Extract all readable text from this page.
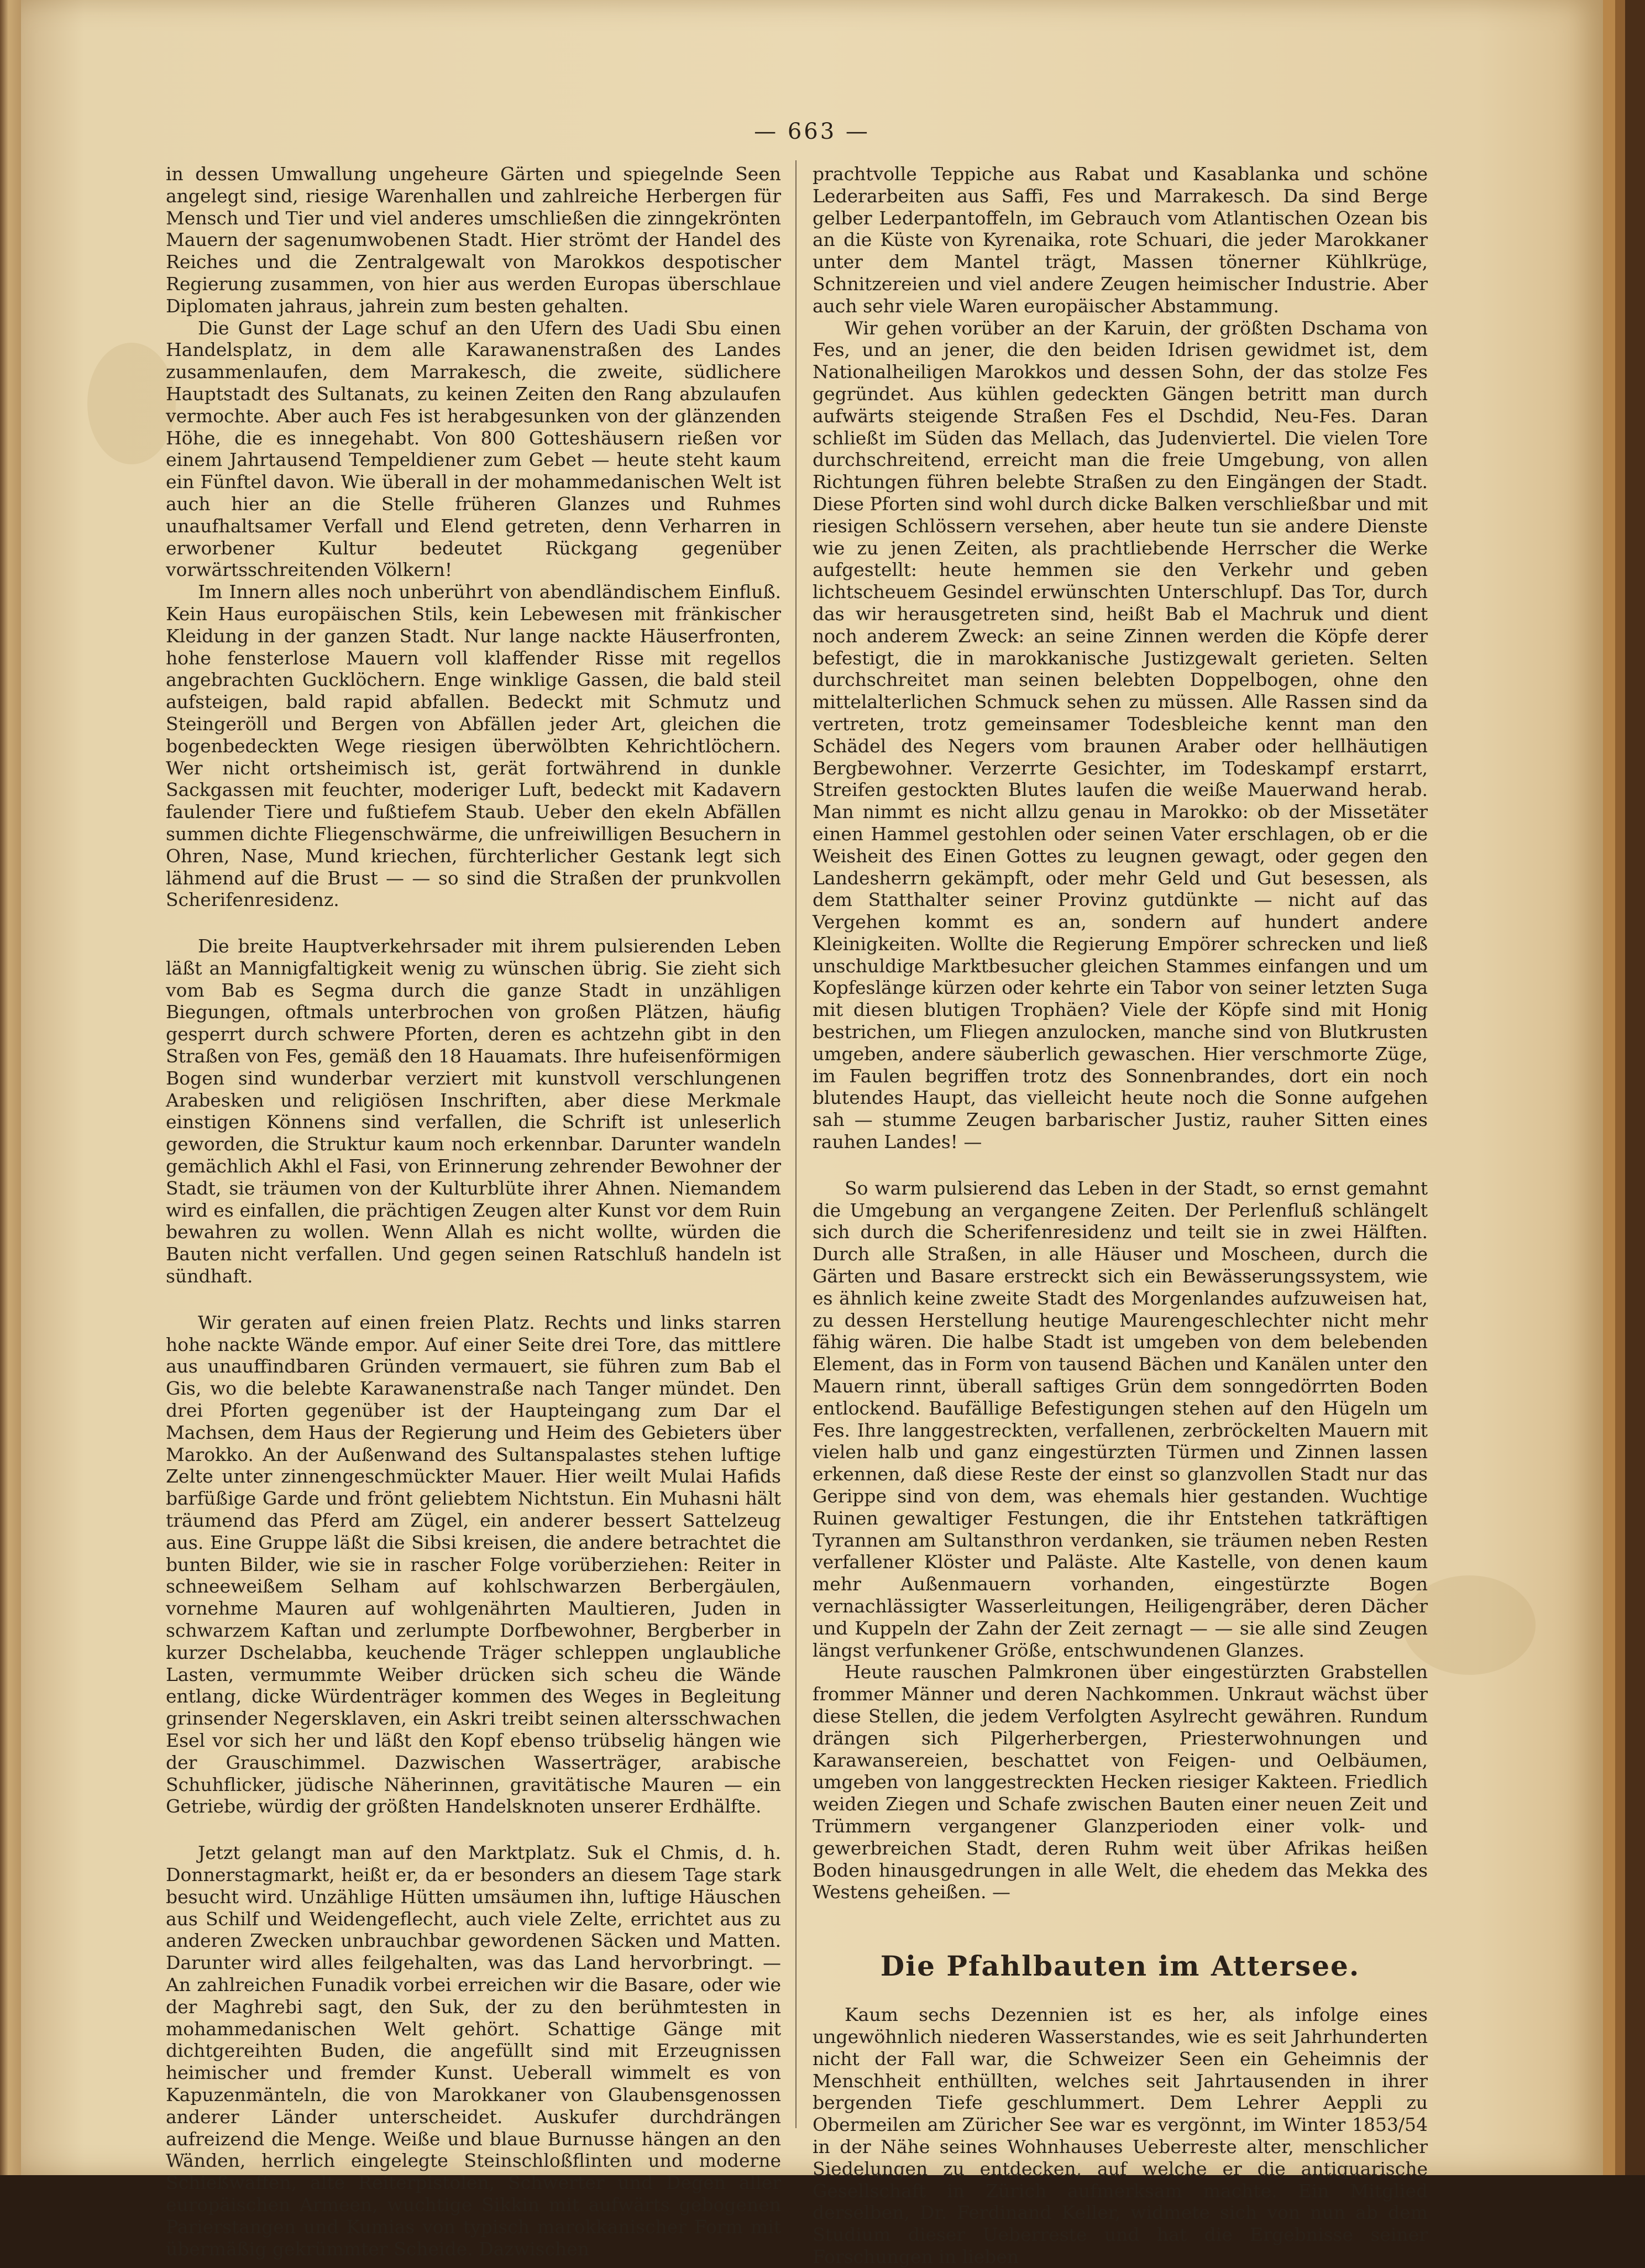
— 663 —

in dessen Umwallung ungeheure Gärten und spiegelnde Seen angelegt sind, riesige Warenhallen und zahlreiche Herbergen für Mensch und Tier und viel anderes umschließen die zinngekrönten Mauern der sagenumwobenen Stadt. Hier strömt der Handel des Reiches und die Zentralgewalt von Marokkos despotischer Regierung zusammen, von hier aus werden Europas überschlaue Diplomaten jahraus, jahrein zum besten gehalten.

Die Gunst der Lage schuf an den Ufern des Uadi Sbu einen Handelsplatz, in dem alle Karawanenstraßen des Landes zusammenlaufen, dem Marrakesch, die zweite, südlichere Hauptstadt des Sultanats, zu keinen Zeiten den Rang abzulaufen vermochte. Aber auch Fes ist herabgesunken von der glänzenden Höhe, die es innegehabt. Von 800 Gotteshäusern rießen vor einem Jahrtausend Tempeldiener zum Gebet — heute steht kaum ein Fünftel davon. Wie überall in der mohammedanischen Welt ist auch hier an die Stelle früheren Glanzes und Ruhmes unaufhaltsamer Verfall und Elend getreten, denn Verharren in erworbener Kultur bedeutet Rückgang gegenüber vorwärtsschreitenden Völkern!

Im Innern alles noch unberührt von abendländischem Einfluß. Kein Haus europäischen Stils, kein Lebewesen mit fränkischer Kleidung in der ganzen Stadt. Nur lange nackte Häuserfronten, hohe fensterlose Mauern voll klaffender Risse mit regellos angebrachten Gucklöchern. Enge winklige Gassen, die bald steil aufsteigen, bald rapid abfallen. Bedeckt mit Schmutz und Steingeröll und Bergen von Abfällen jeder Art, gleichen die bogenbedeckten Wege riesigen überwölbten Kehrichtlöchern. Wer nicht ortsheimisch ist, gerät fortwährend in dunkle Sackgassen mit feuchter, moderiger Luft, bedeckt mit Kadavern faulender Tiere und fußtiefem Staub. Ueber den ekeln Abfällen summen dichte Fliegenschwärme, die unfreiwilligen Besuchern in Ohren, Nase, Mund kriechen, fürchterlicher Gestank legt sich lähmend auf die Brust — — so sind die Straßen der prunkvollen Scherifenresidenz.

Die breite Hauptverkehrsader mit ihrem pulsierenden Leben läßt an Mannigfaltigkeit wenig zu wünschen übrig. Sie zieht sich vom Bab es Segma durch die ganze Stadt in unzähligen Biegungen, oftmals unterbrochen von großen Plätzen, häufig gesperrt durch schwere Pforten, deren es achtzehn gibt in den Straßen von Fes, gemäß den 18 Hauamats. Ihre hufeisenförmigen Bogen sind wunderbar verziert mit kunstvoll verschlungenen Arabesken und religiösen Inschriften, aber diese Merkmale einstigen Könnens sind verfallen, die Schrift ist unleserlich geworden, die Struktur kaum noch erkennbar. Darunter wandeln gemächlich Akhl el Fasi, von Erinnerung zehrender Bewohner der Stadt, sie träumen von der Kulturblüte ihrer Ahnen. Niemandem wird es einfallen, die prächtigen Zeugen alter Kunst vor dem Ruin bewahren zu wollen. Wenn Allah es nicht wollte, würden die Bauten nicht verfallen. Und gegen seinen Ratschluß handeln ist sündhaft.

Wir geraten auf einen freien Platz. Rechts und links starren hohe nackte Wände empor. Auf einer Seite drei Tore, das mittlere aus unauffindbaren Gründen vermauert, sie führen zum Bab el Gis, wo die belebte Karawanenstraße nach Tanger mündet. Den drei Pforten gegenüber ist der Haupteingang zum Dar el Machsen, dem Haus der Regierung und Heim des Gebieters über Marokko. An der Außenwand des Sultanspalastes stehen luftige Zelte unter zinnengeschmückter Mauer. Hier weilt Mulai Hafids barfüßige Garde und frönt geliebtem Nichtstun. Ein Muhasni hält träumend das Pferd am Zügel, ein anderer bessert Sattelzeug aus. Eine Gruppe läßt die Sibsi kreisen, die andere betrachtet die bunten Bilder, wie sie in rascher Folge vorüberziehen: Reiter in schneeweißem Selham auf kohlschwarzen Berbergäulen, vornehme Mauren auf wohlgenährten Maultieren, Juden in schwarzem Kaftan und zerlumpte Dorfbewohner, Bergberber in kurzer Dschelabba, keuchende Träger schleppen unglaubliche Lasten, vermummte Weiber drücken sich scheu die Wände entlang, dicke Würdenträger kommen des Weges in Begleitung grinsender Negersklaven, ein Askri treibt seinen altersschwachen Esel vor sich her und läßt den Kopf ebenso trübselig hängen wie der Grauschimmel. Dazwischen Wasserträger, arabische Schuhflicker, jüdische Näherinnen, gravitätische Mauren — ein Getriebe, würdig der größten Handelsknoten unserer Erdhälfte.

Jetzt gelangt man auf den Marktplatz. Suk el Chmis, d. h. Donnerstagmarkt, heißt er, da er besonders an diesem Tage stark besucht wird. Unzählige Hütten umsäumen ihn, luftige Häuschen aus Schilf und Weidengeflecht, auch viele Zelte, errichtet aus zu anderen Zwecken unbrauchbar gewordenen Säcken und Matten. Darunter wird alles feilgehalten, was das Land hervorbringt. — An zahlreichen Funadik vorbei erreichen wir die Basare, oder wie der Maghrebi sagt, den Suk, der zu den berühmtesten in mohammedanischen Welt gehört. Schattige Gänge mit dichtgereihten Buden, die angefüllt sind mit Erzeugnissen heimischer und fremder Kunst. Ueberall wimmelt es von Kapuzenmänteln, die von Marokkaner von Glaubensgenossen anderer Länder unterscheidet. Auskufer durchdrängen aufreizend die Menge. Weiße und blaue Burnusse hängen an den Wänden, herrlich eingelegte Steinschloßflinten und moderne Schießwaffen, alte Reiterpistolen, Schwerter und Degen aller europäischen Armeen, wuchtige Sikkin mit aufwärts gebogenen Parierstangen und Kumias von typisch marokkanischer Form mit übermäßig gekrümmter Scheide. Dazwischen

prachtvolle Teppiche aus Rabat und Kasablanka und schöne Lederarbeiten aus Saffi, Fes und Marrakesch. Da sind Berge gelber Lederpantoffeln, im Gebrauch vom Atlantischen Ozean bis an die Küste von Kyrenaika, rote Schuari, die jeder Marokkaner unter dem Mantel trägt, Massen tönerner Kühlkrüge, Schnitzereien und viel andere Zeugen heimischer Industrie. Aber auch sehr viele Waren europäischer Abstammung.

Wir gehen vorüber an der Karuin, der größten Dschama von Fes, und an jener, die den beiden Idrisen gewidmet ist, dem Nationalheiligen Marokkos und dessen Sohn, der das stolze Fes gegründet. Aus kühlen gedeckten Gängen betritt man durch aufwärts steigende Straßen Fes el Dschdid, Neu-Fes. Daran schließt im Süden das Mellach, das Judenviertel. Die vielen Tore durchschreitend, erreicht man die freie Umgebung, von allen Richtungen führen belebte Straßen zu den Eingängen der Stadt. Diese Pforten sind wohl durch dicke Balken verschließbar und mit riesigen Schlössern versehen, aber heute tun sie andere Dienste wie zu jenen Zeiten, als prachtliebende Herrscher die Werke aufgestellt: heute hemmen sie den Verkehr und geben lichtscheuem Gesindel erwünschten Unterschlupf. Das Tor, durch das wir herausgetreten sind, heißt Bab el Machruk und dient noch anderem Zweck: an seine Zinnen werden die Köpfe derer befestigt, die in marokkanische Justizgewalt gerieten. Selten durchschreitet man seinen belebten Doppelbogen, ohne den mittelalterlichen Schmuck sehen zu müssen. Alle Rassen sind da vertreten, trotz gemeinsamer Todesbleiche kennt man den Schädel des Negers vom braunen Araber oder hellhäutigen Bergbewohner. Verzerrte Gesichter, im Todeskampf erstarrt, Streifen gestockten Blutes laufen die weiße Mauerwand herab. Man nimmt es nicht allzu genau in Marokko: ob der Missetäter einen Hammel gestohlen oder seinen Vater erschlagen, ob er die Weisheit des Einen Gottes zu leugnen gewagt, oder gegen den Landesherrn gekämpft, oder mehr Geld und Gut besessen, als dem Statthalter seiner Provinz gutdünkte — nicht auf das Vergehen kommt es an, sondern auf hundert andere Kleinigkeiten. Wollte die Regierung Empörer schrecken und ließ unschuldige Marktbesucher gleichen Stammes einfangen und um Kopfeslänge kürzen oder kehrte ein Tabor von seiner letzten Suga mit diesen blutigen Trophäen? Viele der Köpfe sind mit Honig bestrichen, um Fliegen anzulocken, manche sind von Blutkrusten umgeben, andere säuberlich gewaschen. Hier verschmorte Züge, im Faulen begriffen trotz des Sonnenbrandes, dort ein noch blutendes Haupt, das vielleicht heute noch die Sonne aufgehen sah — stumme Zeugen barbarischer Justiz, rauher Sitten eines rauhen Landes! —

So warm pulsierend das Leben in der Stadt, so ernst gemahnt die Umgebung an vergangene Zeiten. Der Perlenfluß schlängelt sich durch die Scherifenresidenz und teilt sie in zwei Hälften. Durch alle Straßen, in alle Häuser und Moscheen, durch die Gärten und Basare erstreckt sich ein Bewässerungssystem, wie es ähnlich keine zweite Stadt des Morgenlandes aufzuweisen hat, zu dessen Herstellung heutige Maurengeschlechter nicht mehr fähig wären. Die halbe Stadt ist umgeben von dem belebenden Element, das in Form von tausend Bächen und Kanälen unter den Mauern rinnt, überall saftiges Grün dem sonngedörrten Boden entlockend. Baufällige Befestigungen stehen auf den Hügeln um Fes. Ihre langgestreckten, verfallenen, zerbröckelten Mauern mit vielen halb und ganz eingestürzten Türmen und Zinnen lassen erkennen, daß diese Reste der einst so glanzvollen Stadt nur das Gerippe sind von dem, was ehemals hier gestanden. Wuchtige Ruinen gewaltiger Festungen, die ihr Entstehen tatkräftigen Tyrannen am Sultansthron verdanken, sie träumen neben Resten verfallener Klöster und Paläste. Alte Kastelle, von denen kaum mehr Außenmauern vorhanden, eingestürzte Bogen vernachlässigter Wasserleitungen, Heiligengräber, deren Dächer und Kuppeln der Zahn der Zeit zernagt — — sie alle sind Zeugen längst verfunkener Größe, entschwundenen Glanzes.

Heute rauschen Palmkronen über eingestürzten Grabstellen frommer Männer und deren Nachkommen. Unkraut wächst über diese Stellen, die jedem Verfolgten Asylrecht gewähren. Rundum drängen sich Pilgerherbergen, Priesterwohnungen und Karawansereien, beschattet von Feigen- und Oelbäumen, umgeben von langgestreckten Hecken riesiger Kakteen. Friedlich weiden Ziegen und Schafe zwischen Bauten einer neuen Zeit und Trümmern vergangener Glanzperioden einer volk- und gewerbreichen Stadt, deren Ruhm weit über Afrikas heißen Boden hinausgedrungen in alle Welt, die ehedem das Mekka des Westens geheißen. —

Die Pfahlbauten im Attersee.

Kaum sechs Dezennien ist es her, als infolge eines ungewöhnlich niederen Wasserstandes, wie es seit Jahrhunderten nicht der Fall war, die Schweizer Seen ein Geheimnis der Menschheit enthüllten, welches seit Jahrtausenden in ihrer bergenden Tiefe geschlummert. Dem Lehrer Aeppli zu Obermeilen am Züricher See war es vergönnt, im Winter 1853/54 in der Nähe seines Wohnhauses Ueberreste alter, menschlicher Siedelungen zu entdecken, auf welche er die antiquarische Gesellschaft in Zürich aufmerksam machte. Ein Mitglied derselben, Dr. Ferdinand Keller, widmete sich von nun ab dem Studium dieser Ueberreste und hat die Ergebnisse seiner Forschungen in lieben
